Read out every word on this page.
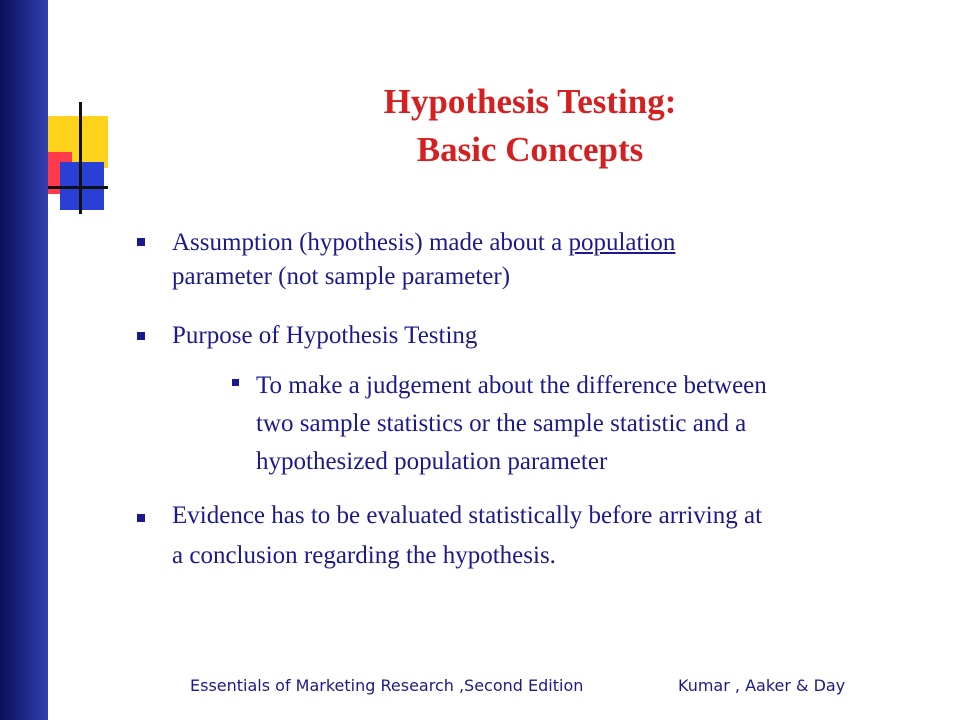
Hypothesis Testing:
Basic Concepts
Assumption (hypothesis) made about a population
parameter (not sample parameter)
Purpose of Hypothesis Testing
To make a judgement about the difference between
two sample statistics or the sample statistic and a
hypothesized population parameter
Evidence has to be evaluated statistically before arriving at
a conclusion regarding the hypothesis.
Essentials of Marketing Research ,Second Edition	Kumar , Aaker & Day
